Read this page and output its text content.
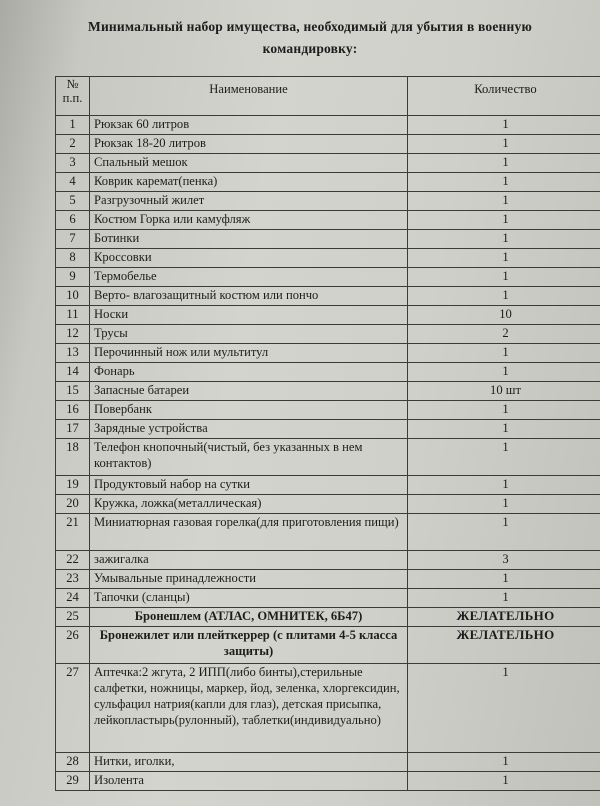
Минимальный набор имущества, необходимый для убытия в военную командировку:
№ п.п.	Наименование	Количество
1	Рюкзак 60 литров	1
2	Рюкзак 18-20 литров	1
3	Спальный мешок	1
4	Коврик каремат(пенка)	1
5	Разгрузочный жилет	1
6	Костюм Горка или камуфляж	1
7	Ботинки	1
8	Кроссовки	1
9	Термобелье	1
10	Верто- влагозащитный костюм или пончо	1
11	Носки	10
12	Трусы	2
13	Перочинный нож или мультитул	1
14	Фонарь	1
15	Запасные батареи	10 шт
16	Повербанк	1
17	Зарядные устройства	1
18	Телефон кнопочный(чистый, без указанных в нем контактов)	1
19	Продуктовый набор на сутки	1
20	Кружка, ложка(металлическая)	1
21	Миниатюрная газовая горелка(для приготовления пищи)	1
22	зажигалка	3
23	Умывальные принадлежности	1
24	Тапочки (сланцы)	1
25	Бронешлем (АТЛАС, ОМНИТЕК, 6Б47)	ЖЕЛАТЕЛЬНО
26	Бронежилет или плейткеррер (с плитами 4-5 класса защиты)	ЖЕЛАТЕЛЬНО
27	Аптечка:2 жгута, 2 ИПП(либо бинты),стерильные салфетки, ножницы, маркер, йод, зеленка, хлоргексидин, сульфацил натрия(капли для глаз), детская присыпка, лейкопластырь(рулонный), таблетки(индивидуально)	1
28	Нитки, иголки,	1
29	Изолента	1
